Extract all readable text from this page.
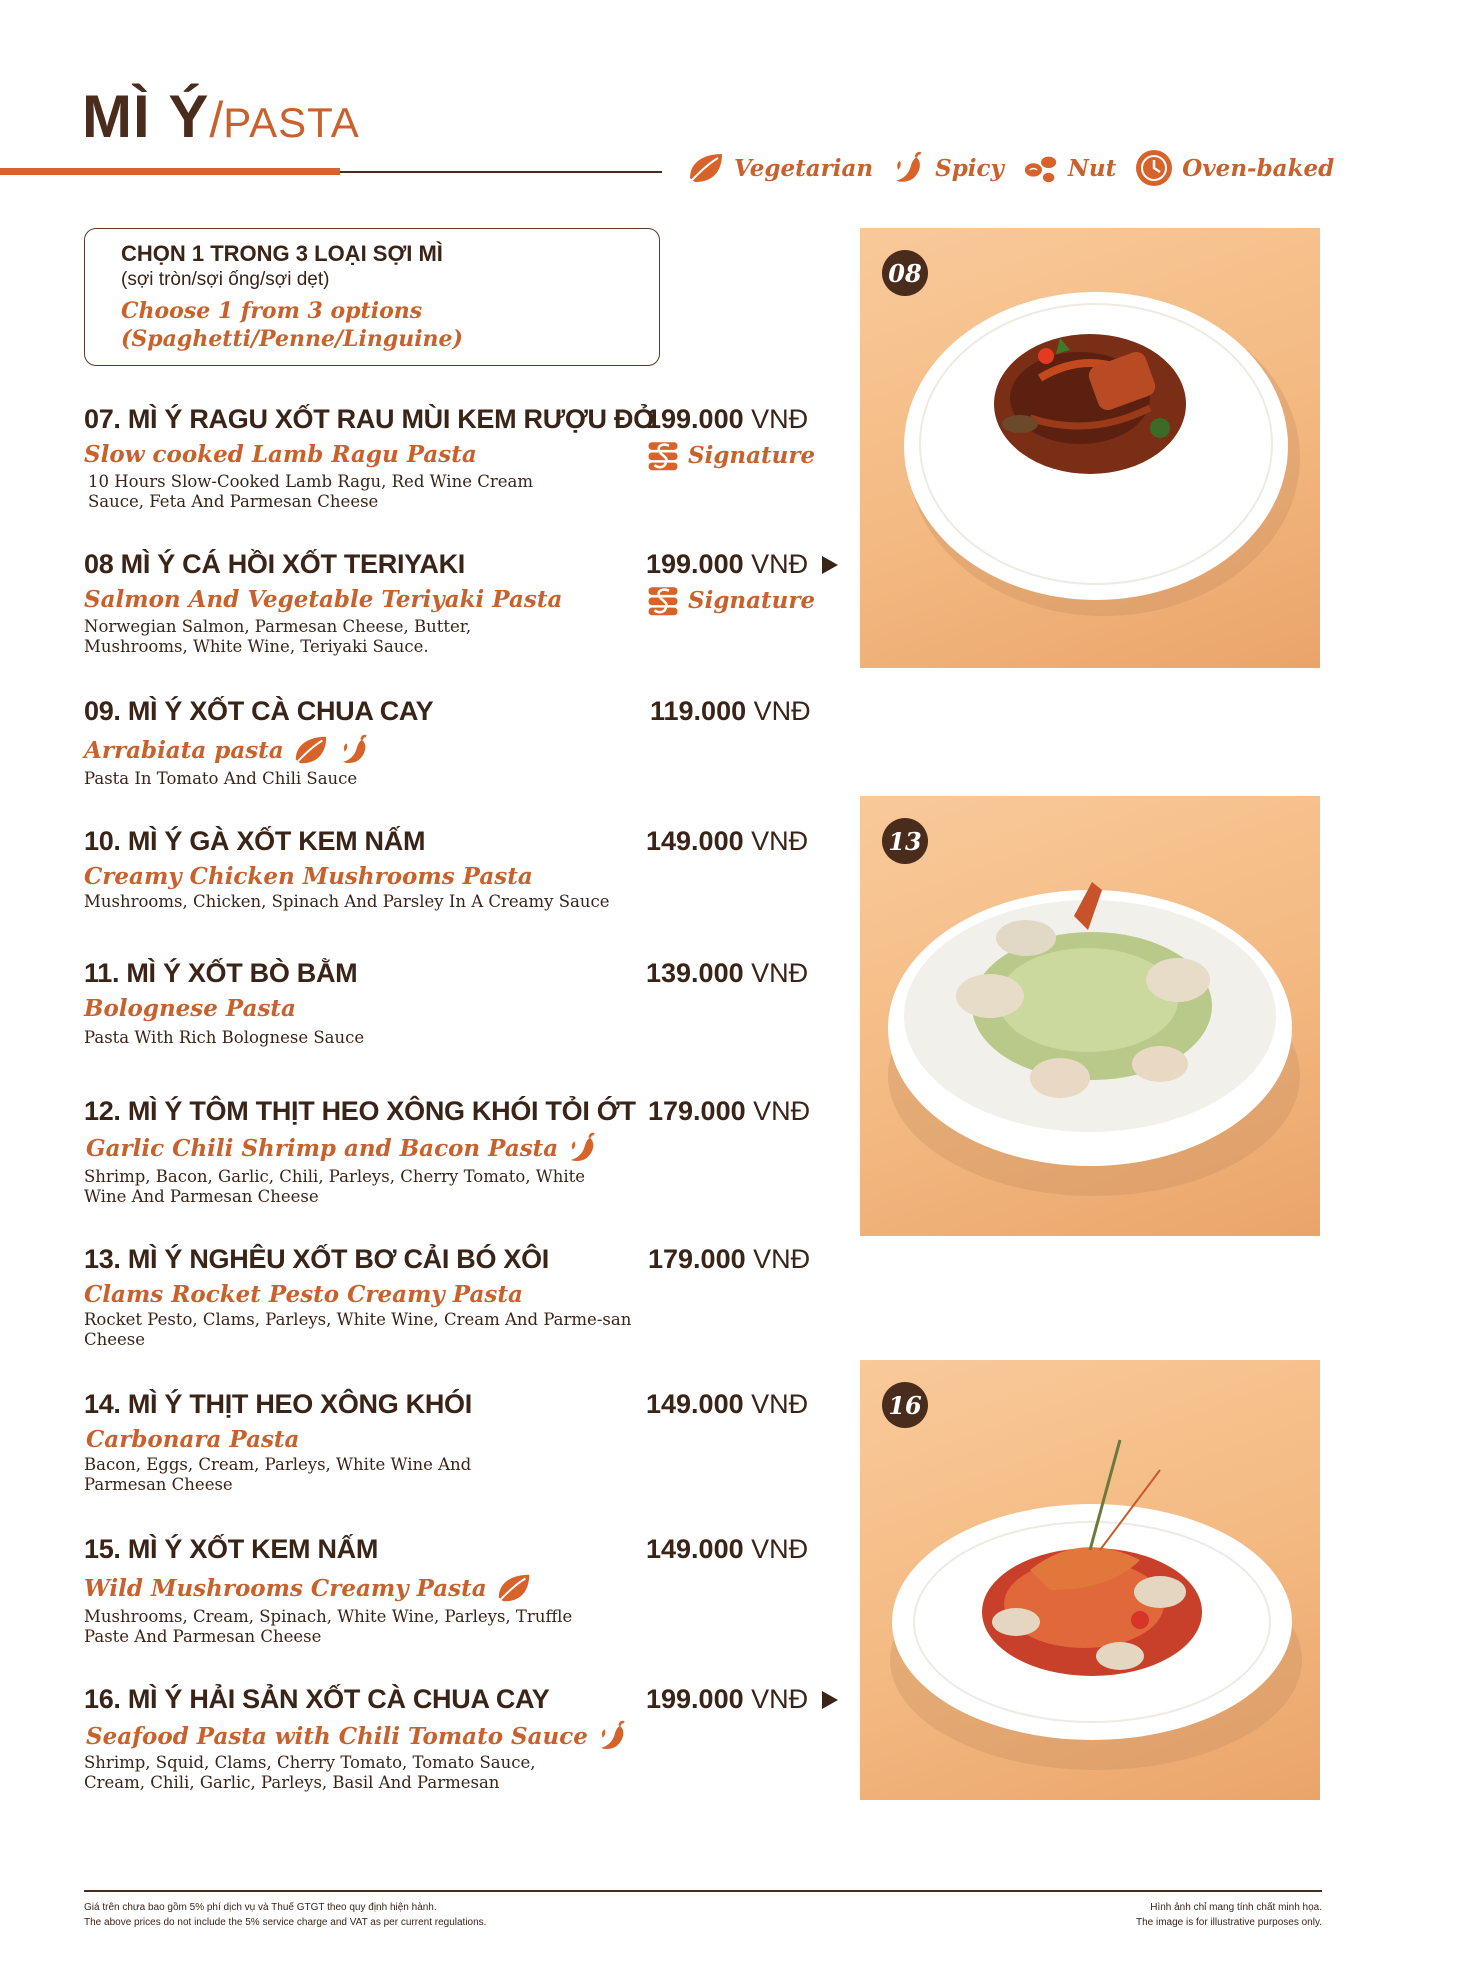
MÌ Ý / PASTA
Vegetarian	Spicy	Nut	Oven-baked
CHỌN 1 TRONG 3 LOẠI SỢI MÌ
(sợi tròn/sợi ống/sợi dẹt)
Choose 1 from 3 options
(Spaghetti/Penne/Linguine)
07. MÌ Ý RAGU XỐT RAU MÙI KEM RƯỢU ĐỎ
Slow cooked Lamb Ragu Pasta
10 Hours Slow-Cooked Lamb Ragu, Red Wine Cream Sauce, Feta And Parmesan Cheese
199.000 VNĐ
Signature
08 MÌ Ý CÁ HỒI XỐT TERIYAKI
Salmon And Vegetable Teriyaki Pasta
Norwegian Salmon, Parmesan Cheese, Butter, Mushrooms, White Wine, Teriyaki Sauce.
199.000 VNĐ
Signature
09. MÌ Ý XỐT CÀ CHUA CAY
Arrabiata pasta
Pasta In Tomato And Chili Sauce
119.000 VNĐ
10. MÌ Ý GÀ XỐT KEM NẤM
Creamy Chicken Mushrooms Pasta
Mushrooms, Chicken, Spinach And Parsley In A Creamy Sauce
149.000 VNĐ
11. MÌ Ý XỐT BÒ BẰM
Bolognese Pasta
Pasta With Rich Bolognese Sauce
139.000 VNĐ
12. MÌ Ý TÔM THỊT HEO XÔNG KHÓI TỎI ỚT
Garlic Chili Shrimp and Bacon Pasta
Shrimp, Bacon, Garlic, Chili, Parleys, Cherry Tomato, White Wine And Parmesan Cheese
179.000 VNĐ
13. MÌ Ý NGHÊU XỐT BƠ CẢI BÓ XÔI
Clams Rocket Pesto Creamy Pasta
Rocket Pesto, Clams, Parleys, White Wine, Cream And Parme-san Cheese
179.000 VNĐ
14. MÌ Ý THỊT HEO XÔNG KHÓI
Carbonara Pasta
Bacon, Eggs, Cream, Parleys, White Wine And Parmesan Cheese
149.000 VNĐ
15. MÌ Ý XỐT KEM NẤM
Wild Mushrooms Creamy Pasta
Mushrooms, Cream, Spinach, White Wine, Parleys, Truffle Paste And Parmesan Cheese
149.000 VNĐ
16. MÌ Ý HẢI SẢN XỐT CÀ CHUA CAY
Seafood Pasta with Chili Tomato Sauce
Shrimp, Squid, Clams, Cherry Tomato, Tomato Sauce, Cream, Chili, Garlic, Parleys, Basil And Parmesan
199.000 VNĐ
08
13
16
Giá trên chưa bao gồm 5% phí dịch vụ và Thuế GTGT theo quy định hiện hành.
The above prices do not include the 5% service charge and VAT as per current regulations.
Hình ảnh chỉ mang tính chất minh họa.
The image is for illustrative purposes only.
